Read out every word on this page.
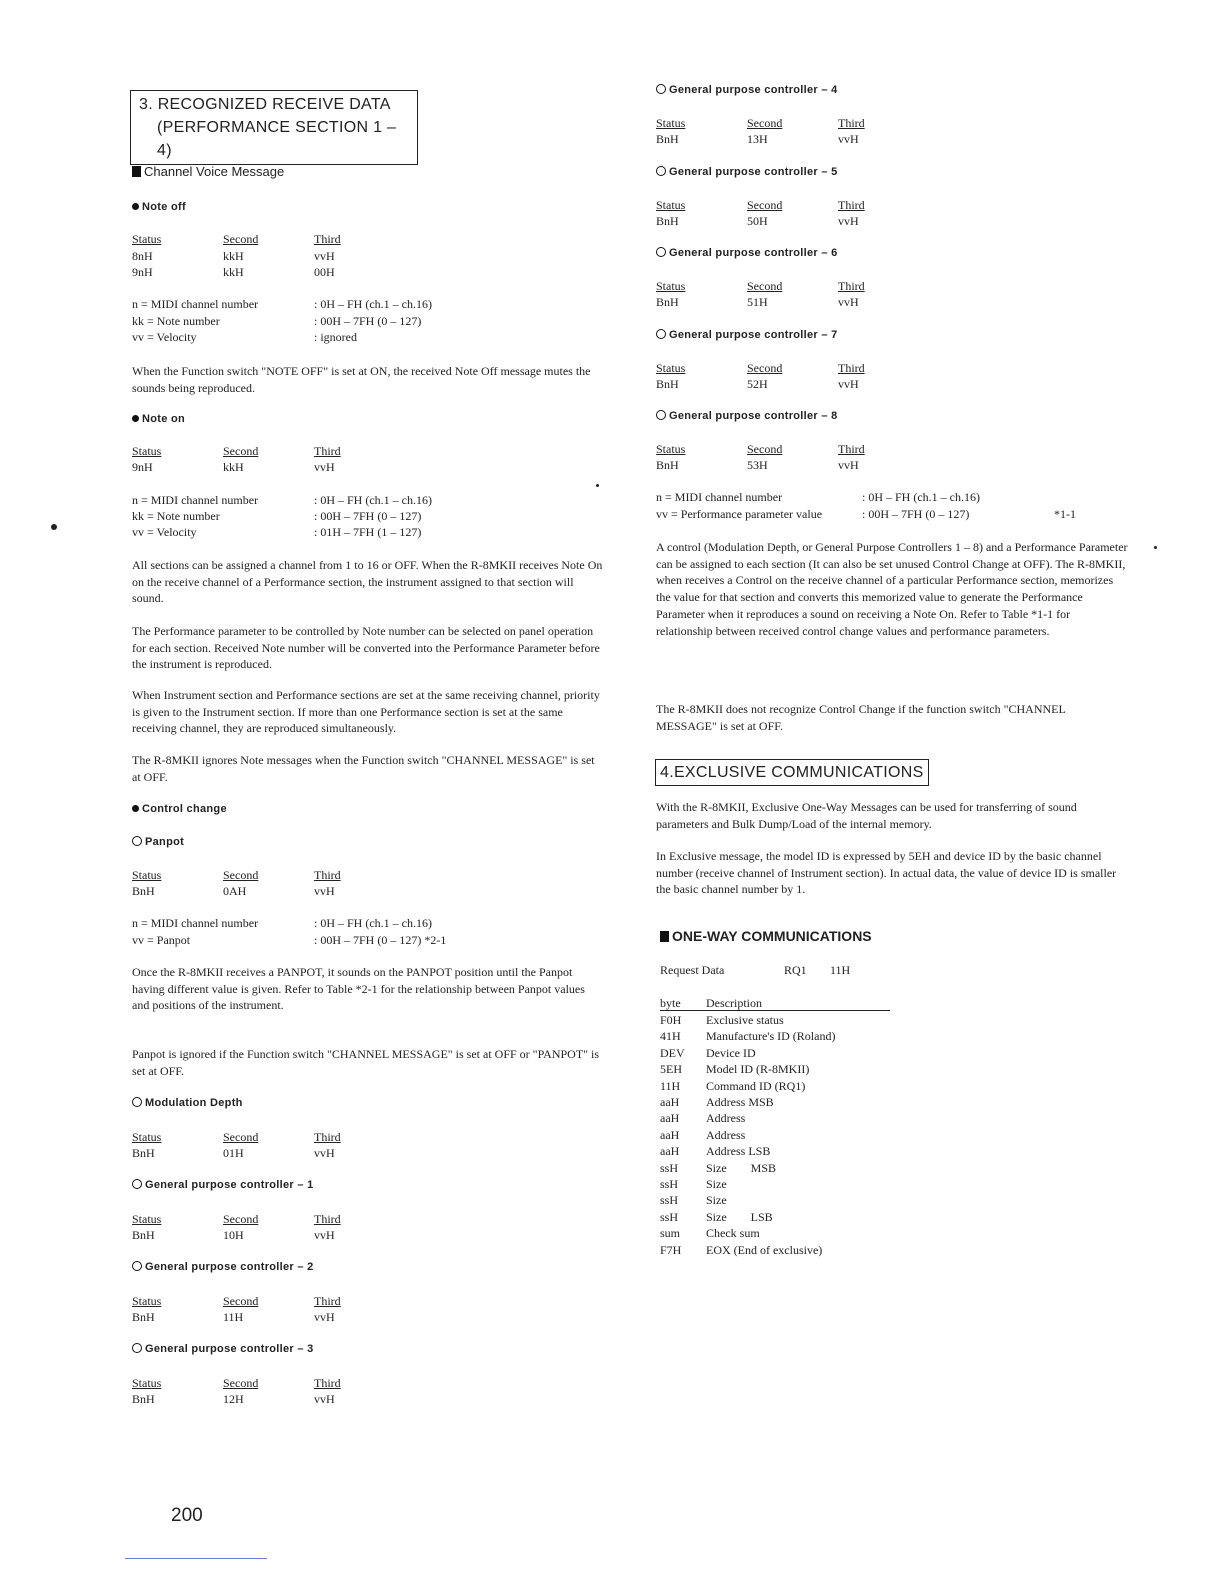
3. RECOGNIZED RECEIVE DATA
(PERFORMANCE SECTION 1 – 4)
Channel Voice Message
Note off
Status	Second	Third
8nH	kkH	vvH
9nH	kkH	00H
n = MIDI channel number	: 0H – FH (ch.1 – ch.16)
kk = Note number	: 00H – 7FH (0 – 127)
vv = Velocity	: ignored
When the Function switch "NOTE OFF" is set at ON, the received Note Off message mutes the sounds being reproduced.
Note on
Status	Second	Third
9nH	kkH	vvH
n = MIDI channel number	: 0H – FH (ch.1 – ch.16)
kk = Note number	: 00H – 7FH (0 – 127)
vv = Velocity	: 01H – 7FH (1 – 127)
All sections can be assigned a channel from 1 to 16 or OFF. When the R-8MKII receives Note On on the receive channel of a Performance section, the instrument assigned to that section will sound.
The Performance parameter to be controlled by Note number can be selected on panel operation for each section. Received Note number will be converted into the Performance Parameter before the instrument is reproduced.
When Instrument section and Performance sections are set at the same receiving channel, priority is given to the Instrument section. If more than one Performance section is set at the same receiving channel, they are reproduced simultaneously.
The R-8MKII ignores Note messages when the Function switch "CHANNEL MESSAGE" is set at OFF.
Control change
Panpot
Status	Second	Third
BnH	0AH	vvH
n = MIDI channel number	: 0H – FH (ch.1 – ch.16)
vv = Panpot	: 00H – 7FH (0 – 127) *2-1
Once the R-8MKII receives a PANPOT, it sounds on the PANPOT position until the Panpot having different value is given. Refer to Table *2-1 for the relationship between Panpot values and positions of the instrument.
Panpot is ignored if the Function switch "CHANNEL MESSAGE" is set at OFF or "PANPOT" is set at OFF.
Modulation Depth
Status	Second	Third
BnH	01H	vvH
General purpose controller – 1
Status	Second	Third
BnH	10H	vvH
General purpose controller – 2
Status	Second	Third
BnH	11H	vvH
General purpose controller – 3
Status	Second	Third
BnH	12H	vvH
200
General purpose controller – 4
Status	Second	Third
BnH	13H	vvH
General purpose controller – 5
Status	Second	Third
BnH	50H	vvH
General purpose controller – 6
Status	Second	Third
BnH	51H	vvH
General purpose controller – 7
Status	Second	Third
BnH	52H	vvH
General purpose controller – 8
Status	Second	Third
BnH	53H	vvH
n = MIDI channel number	: 0H – FH (ch.1 – ch.16)
vv = Performance parameter value	: 00H – 7FH (0 – 127)	*1-1
A control (Modulation Depth, or General Purpose Controllers 1 – 8) and a Performance Parameter can be assigned to each section (It can also be set unused Control Change at OFF). The R-8MKII, when receives a Control on the receive channel of a particular Performance section, memorizes the value for that section and converts this memorized value to generate the Performance Parameter when it reproduces a sound on receiving a Note On. Refer to Table *1-1 for relationship between received control change values and performance parameters.
The R-8MKII does not recognize Control Change if the function switch "CHANNEL MESSAGE" is set at OFF.
4.EXCLUSIVE COMMUNICATIONS
With the R-8MKII, Exclusive One-Way Messages can be used for transferring of sound parameters and Bulk Dump/Load of the internal memory.
In Exclusive message, the model ID is expressed by 5EH and device ID by the basic channel number (receive channel of Instrument section). In actual data, the value of device ID is smaller the basic channel number by 1.
ONE-WAY COMMUNICATIONS
Request Data	RQ1 11H
byte Description
F0H Exclusive status
41H Manufacture's ID (Roland)
DEV Device ID
5EH Model ID (R-8MKII)
11H Command ID (RQ1)
aaH Address MSB
aaH Address
aaH Address
aaH Address LSB
ssH Size        MSB
ssH Size
ssH Size
ssH Size        LSB
sum Check sum
F7H EOX (End of exclusive)
